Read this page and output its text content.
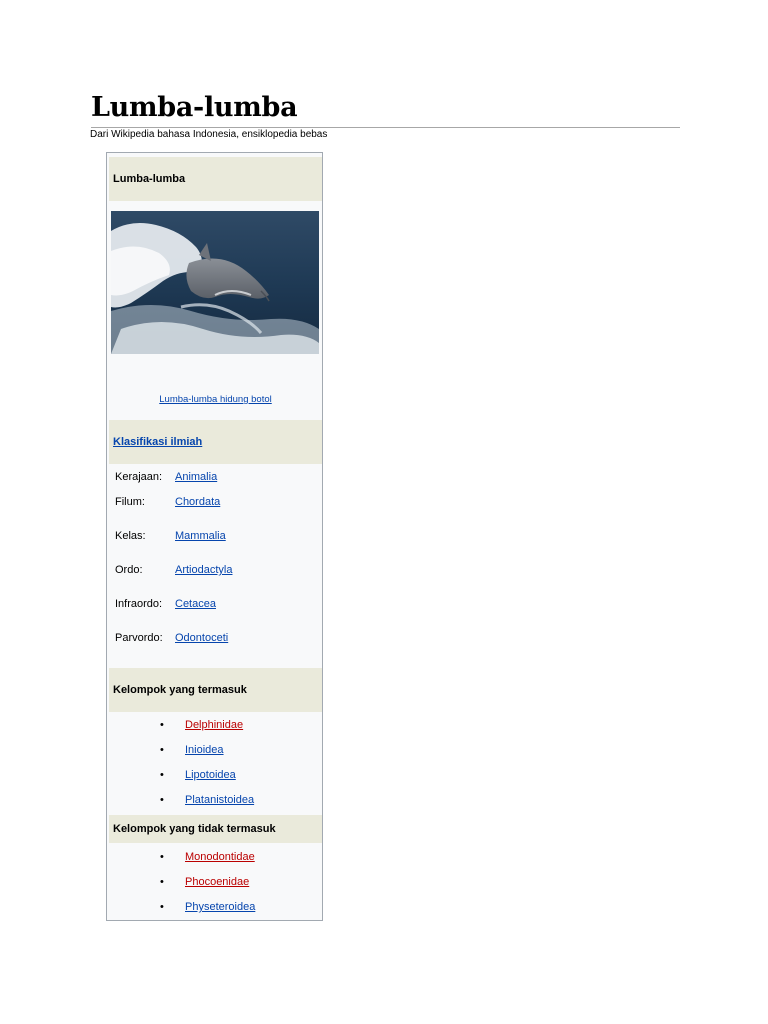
Lumba-lumba
Dari Wikipedia bahasa Indonesia, ensiklopedia bebas
Lumba-lumba
Lumba-lumba hidung botol
Klasifikasi ilmiah
Kerajaan: Animalia
Filum:	Chordata
Kelas:	Mammalia
Ordo:	Artiodactyla
Infraordo: Cetacea
Parvordo: Odontoceti
Kelompok yang termasuk
• Delphinidae
• Inioidea
• Lipotoidea
• Platanistoidea
Kelompok yang tidak termasuk
• Monodontidae
• Phocoenidae
• Physeteroidea
